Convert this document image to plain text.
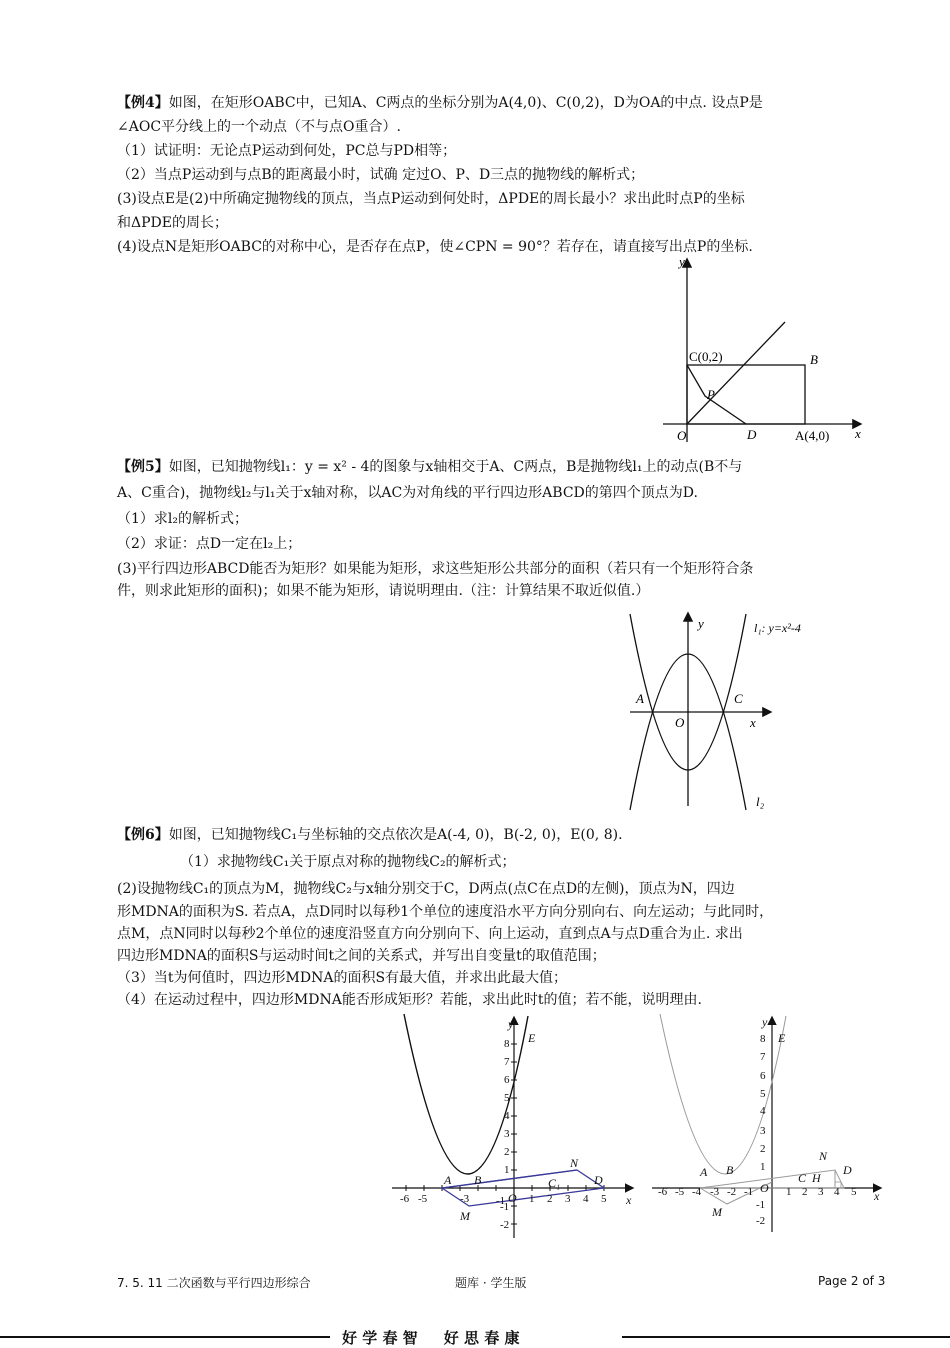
【例4】如图，在矩形OABC中，已知A、C两点的坐标分别为A(4,0)、C(0,2)，D为OA的中点. 设点P是
∠AOC平分线上的一个动点（不与点O重合）.
（1）试证明：无论点P运动到何处，PC总与PD相等；
（2）当点P运动到与点B的距离最小时，试确 定过O、P、D三点的抛物线的解析式；
(3)设点E是(2)中所确定抛物线的顶点，当点P运动到何处时，ΔPDE的周长最小？求出此时点P的坐标
和ΔPDE的周长；
(4)设点N是矩形OABC的对称中心，是否存在点P，使∠CPN = 90°？若存在，请直接写出点P的坐标.
y
x
C(0,2)	B
P
O	D	A(4,0)
【例5】如图，已知抛物线l₁：y = x² - 4的图象与x轴相交于A、C两点，B是抛物线l₁上的动点(B不与
A、C重合)，抛物线l₂与l₁关于x轴对称，以AC为对角线的平行四边形ABCD的第四个顶点为D.
（1）求l₂的解析式；
（2）求证：点D一定在l₂上；
(3)平行四边形ABCD能否为矩形？如果能为矩形，求这些矩形公共部分的面积（若只有一个矩形符合条
件，则求此矩形的面积)；如果不能为矩形，请说明理由.（注：计算结果不取近似值.）
y	l₁: y=x²-4
A	C
O	x
l₂
【例6】如图，已知抛物线C₁与坐标轴的交点依次是A(-4, 0)，B(-2, 0)，E(0, 8).
（1）求抛物线C₁关于原点对称的抛物线C₂的解析式；
(2)设抛物线C₁的顶点为M，抛物线C₂与x轴分别交于C，D两点(点C在点D的左侧)，顶点为N，四边
形MDNA的面积为S. 若点A，点D同时以每秒1个单位的速度沿水平方向分别向右、向左运动；与此同时，
点M，点N同时以每秒2个单位的速度沿竖直方向分别向下、向上运动，直到点A与点D重合为止. 求出
四边形MDNA的面积S与运动时间t之间的关系式，并写出自变量t的取值范围；
（3）当t为何值时，四边形MDNA的面积S有最大值，并求出此最大值；
（4）在运动过程中，四边形MDNA能否形成矩形？若能，求出此时t的值；若不能，说明理由.
-6 -5	-3 -1 1 2 3 4 5
8
7
6
5
4
3
2
1
-1
-2
y
x
E
A B
N
C₁	D
M
O	-6 -5 -4 -3 -2 -1	1 2 3 4 5
8
7
6
5
4
3
2
1
-1
-2
y
x
E
A B
N
D
C H
M
O
7. 5. 11 二次函数与平行四边形综合	题库 · 学生版	Page 2 of 3
好 学 春 智     好 思 春 康
